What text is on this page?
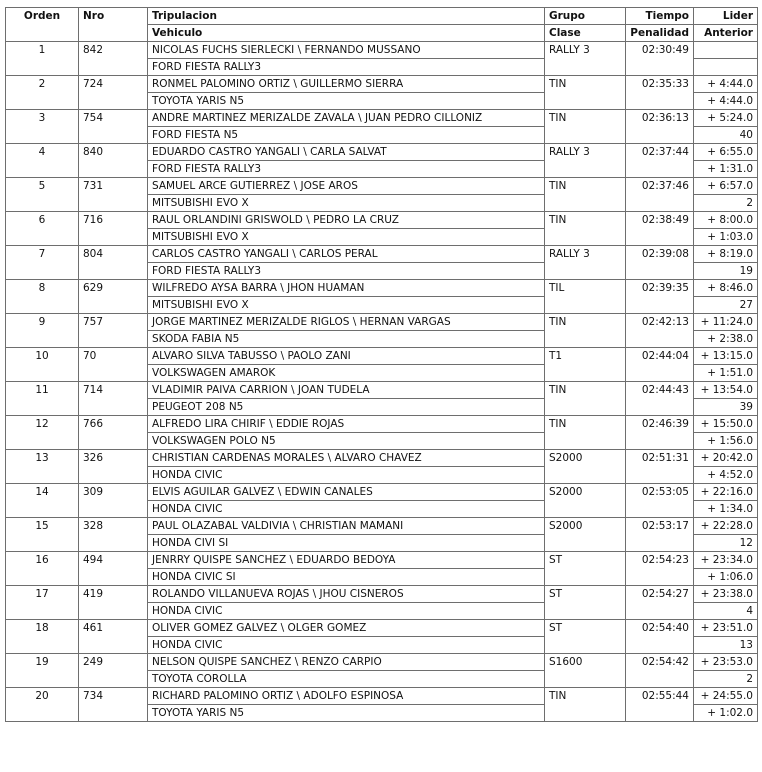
Orden	Nro	Tripulacion	Grupo	Tiempo	Lider
		Vehiculo	Clase	Penalidad	Anterior
1	842	NICOLAS FUCHS SIERLECKI \ FERNANDO MUSSANO	RALLY 3	02:30:49	
		FORD FIESTA RALLY3			
2	724	RONMEL PALOMINO ORTIZ \ GUILLERMO SIERRA	TIN	02:35:33	+ 4:44.0
		TOYOTA YARIS N5			+ 4:44.0
3	754	ANDRE MARTINEZ MERIZALDE ZAVALA \ JUAN PEDRO CILLONIZ	TIN	02:36:13	+ 5:24.0
		FORD FIESTA N5			40
4	840	EDUARDO CASTRO YANGALI \ CARLA SALVAT	RALLY 3	02:37:44	+ 6:55.0
		FORD FIESTA RALLY3			+ 1:31.0
5	731	SAMUEL ARCE GUTIERREZ \ JOSE AROS	TIN	02:37:46	+ 6:57.0
		MITSUBISHI EVO X			2
6	716	RAUL ORLANDINI GRISWOLD \ PEDRO LA CRUZ	TIN	02:38:49	+ 8:00.0
		MITSUBISHI EVO X			+ 1:03.0
7	804	CARLOS CASTRO YANGALI \ CARLOS PERAL	RALLY 3	02:39:08	+ 8:19.0
		FORD FIESTA RALLY3			19
8	629	WILFREDO AYSA BARRA \ JHON HUAMAN	TIL	02:39:35	+ 8:46.0
		MITSUBISHI EVO X			27
9	757	JORGE MARTINEZ MERIZALDE RIGLOS \ HERNAN VARGAS	TIN	02:42:13	+ 11:24.0
		SKODA FABIA N5			+ 2:38.0
10	70	ALVARO SILVA TABUSSO \ PAOLO ZANI	T1	02:44:04	+ 13:15.0
		VOLKSWAGEN AMAROK			+ 1:51.0
11	714	VLADIMIR PAIVA CARRION \ JOAN TUDELA	TIN	02:44:43	+ 13:54.0
		PEUGEOT 208 N5			39
12	766	ALFREDO LIRA CHIRIF \ EDDIE ROJAS	TIN	02:46:39	+ 15:50.0
		VOLKSWAGEN POLO N5			+ 1:56.0
13	326	CHRISTIAN CARDENAS MORALES \ ALVARO CHAVEZ	S2000	02:51:31	+ 20:42.0
		HONDA CIVIC			+ 4:52.0
14	309	ELVIS AGUILAR GALVEZ \ EDWIN CANALES	S2000	02:53:05	+ 22:16.0
		HONDA CIVIC			+ 1:34.0
15	328	PAUL OLAZABAL VALDIVIA \ CHRISTIAN MAMANI	S2000	02:53:17	+ 22:28.0
		HONDA CIVI SI			12
16	494	JENRRY QUISPE SANCHEZ \ EDUARDO BEDOYA	ST	02:54:23	+ 23:34.0
		HONDA CIVIC SI			+ 1:06.0
17	419	ROLANDO VILLANUEVA ROJAS \ JHOU CISNEROS	ST	02:54:27	+ 23:38.0
		HONDA CIVIC			4
18	461	OLIVER GOMEZ GALVEZ \ OLGER GOMEZ	ST	02:54:40	+ 23:51.0
		HONDA CIVIC			13
19	249	NELSON QUISPE SANCHEZ \ RENZO CARPIO	S1600	02:54:42	+ 23:53.0
		TOYOTA COROLLA			2
20	734	RICHARD PALOMINO ORTIZ \ ADOLFO ESPINOSA	TIN	02:55:44	+ 24:55.0
		TOYOTA YARIS N5			+ 1:02.0
